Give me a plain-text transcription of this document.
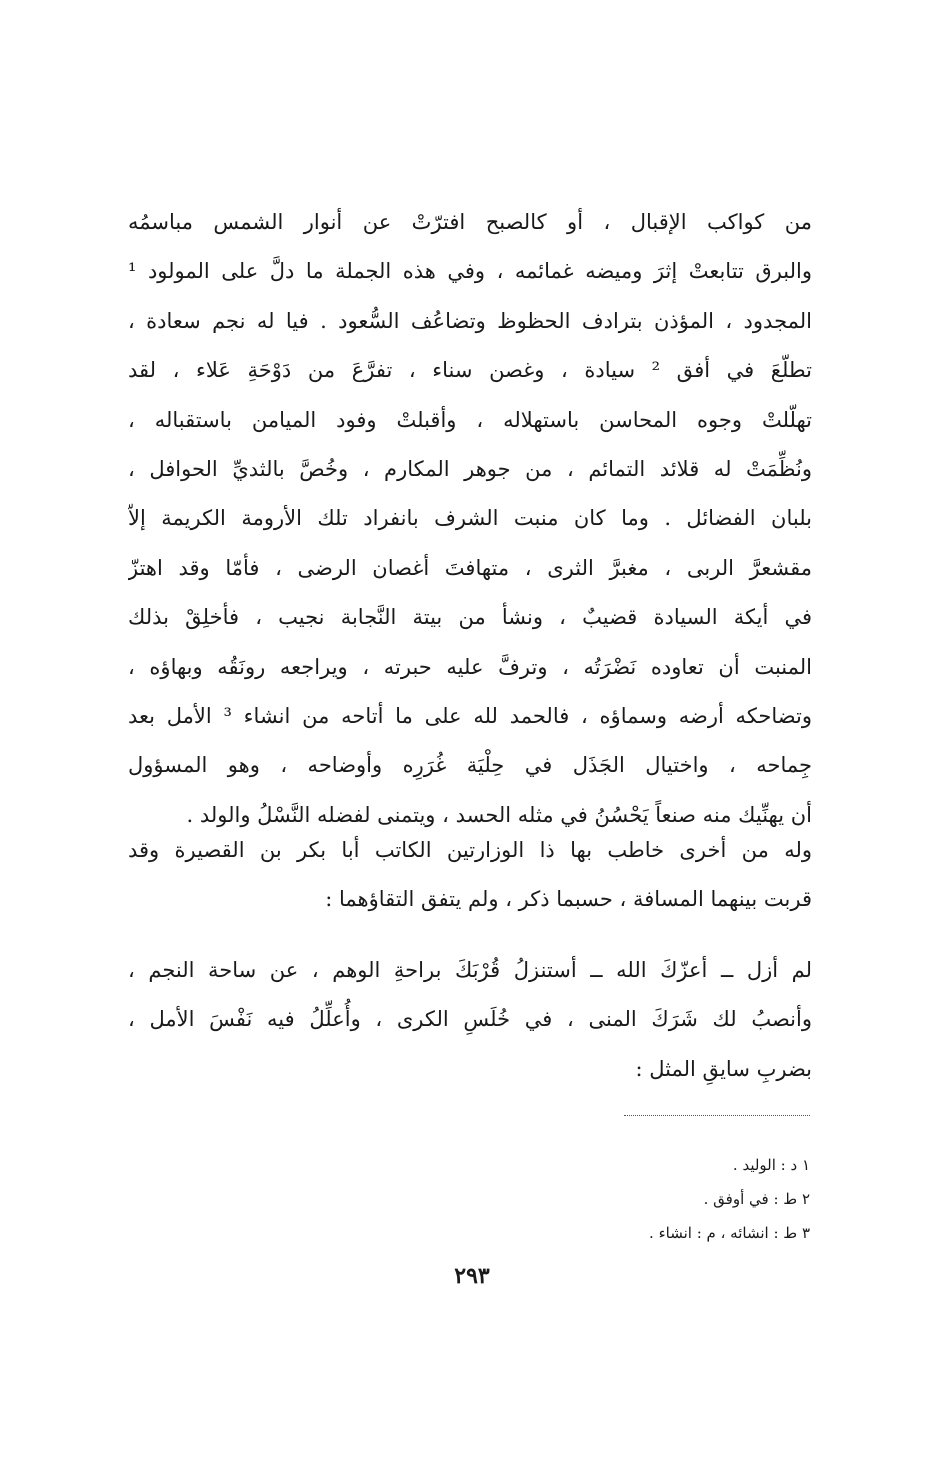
من كواكب الإقبال ، أو كالصبح افترّتْ عن أنوار الشمس مباسمُه
والبرق تتابعتْ إثرَ وميضه غمائمه ، وفي هذه الجملة ما دلَّ على المولود ¹
المجدود ، المؤذن بترادف الحظوظ وتضاعُف السُّعود . فيا له نجم سعادة ،
تطلّعَ في أفق ² سيادة ، وغصن سناء ، تفرَّعَ من دَوْحَةِ عَلاء ، لقد
تهلّلتْ وجوه المحاسن باستهلاله ، وأقبلتْ وفود الميامن باستقباله ،
ونُظِّمَتْ له قلائد التمائم ، من جوهر المكارم ، وخُصَّ بالثديِّ الحوافل ،
بلبان الفضائل . وما كان منبت الشرف بانفراد تلك الأرومة الكريمة إلاّ
مقشعرَّ الربى ، مغبرَّ الثرى ، متهافتَ أغصان الرضى ، فأمّا وقد اهتزّ
في أيكة السيادة قضيبٌ ، ونشأ من بيتة النَّجابة نجيب ، فأخلِقْ بذلك
المنبت أن تعاوده نَضْرَتُه ، وترفَّ عليه حبرته ، ويراجعه رونَقُه وبهاؤه ،
وتضاحكه أرضه وسماؤه ، فالحمد لله على ما أتاحه من انشاء ³ الأمل بعد
جِماحه ، واختيال الجَذَل في حِلْيَة غُرَرِه وأوضاحه ، وهو المسؤول
أن يهنِّيك منه صنعاً يَحْسُنُ في مثله الحسد ، ويتمنى لفضله النَّسْلُ والولد .
وله من أخرى خاطب بها ذا الوزارتين الكاتب أبا بكر بن القصيرة وقد
قربت بينهما المسافة ، حسبما ذكر ، ولم يتفق التقاؤهما :
لم أزل ــ أعزّكَ الله ــ أستنزلُ قُرْبَكَ براحةِ الوهم ، عن ساحة النجم ،
وأنصبُ لك شَرَكَ المنى ، في خُلَسِ الكرى ، وأُعلِّلُ فيه نَفْسَ الأمل ،
بضربِ سايقِ المثل :
١ د : الوليد .
٢ ط : في أوفق .
٣ ط : انشائه ، م : انشاء .
٢٩٣
